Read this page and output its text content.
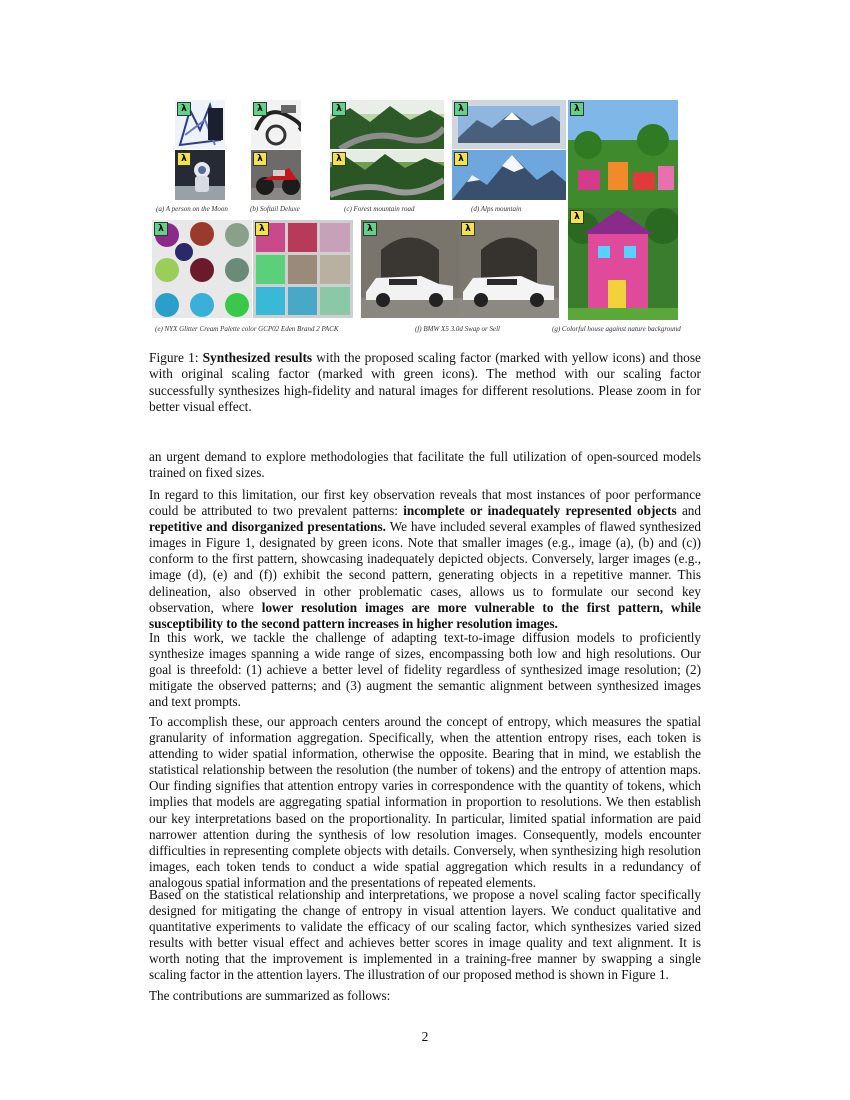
λ
λ
(a) A person on the Moon
λ
λ
(b) Softail Deluxe
λ
λ
(c) Forest mountain road
λ
λ
(d) Alps mountain
λ
λ
(g) Colorful house against nature background
λ	λ
(e) NYX Glitter Cream Palette color GCP02 Eden Brand 2 PACK
λ	λ
(f) BMW X5 3.0d Swap or Sell
Figure 1: Synthesized results with the proposed scaling factor (marked with yellow icons) and those with original scaling factor (marked with green icons). The method with our scaling factor successfully synthesizes high-fidelity and natural images for different resolutions. Please zoom in for better visual effect.

an urgent demand to explore methodologies that facilitate the full utilization of open-sourced models trained on fixed sizes.

In regard to this limitation, our first key observation reveals that most instances of poor performance could be attributed to two prevalent patterns: incomplete or inadequately represented objects and repetitive and disorganized presentations. We have included several examples of flawed synthesized images in Figure 1, designated by green icons. Note that smaller images (e.g., image (a), (b) and (c)) conform to the first pattern, showcasing inadequately depicted objects. Conversely, larger images (e.g., image (d), (e) and (f)) exhibit the second pattern, generating objects in a repetitive manner. This delineation, also observed in other problematic cases, allows us to formulate our second key observation, where lower resolution images are more vulnerable to the first pattern, while susceptibility to the second pattern increases in higher resolution images.

In this work, we tackle the challenge of adapting text-to-image diffusion models to proficiently synthesize images spanning a wide range of sizes, encompassing both low and high resolutions. Our goal is threefold: (1) achieve a better level of fidelity regardless of synthesized image resolution; (2) mitigate the observed patterns; and (3) augment the semantic alignment between synthesized images and text prompts.

To accomplish these, our approach centers around the concept of entropy, which measures the spatial granularity of information aggregation. Specifically, when the attention entropy rises, each token is attending to wider spatial information, otherwise the opposite. Bearing that in mind, we establish the statistical relationship between the resolution (the number of tokens) and the entropy of attention maps. Our finding signifies that attention entropy varies in correspondence with the quantity of tokens, which implies that models are aggregating spatial information in proportion to resolutions. We then establish our key interpretations based on the proportionality. In particular, limited spatial information are paid narrower attention during the synthesis of low resolution images. Consequently, models encounter difficulties in representing complete objects with details. Conversely, when synthesizing high resolution images, each token tends to conduct a wide spatial aggregation which results in a redundancy of analogous spatial information and the presentations of repeated elements.

Based on the statistical relationship and interpretations, we propose a novel scaling factor specifically designed for mitigating the change of entropy in visual attention layers. We conduct qualitative and quantitative experiments to validate the efficacy of our scaling factor, which synthesizes varied sized results with better visual effect and achieves better scores in image quality and text alignment. It is worth noting that the improvement is implemented in a training-free manner by swapping a single scaling factor in the attention layers. The illustration of our proposed method is shown in Figure 1.

The contributions are summarized as follows:

2
